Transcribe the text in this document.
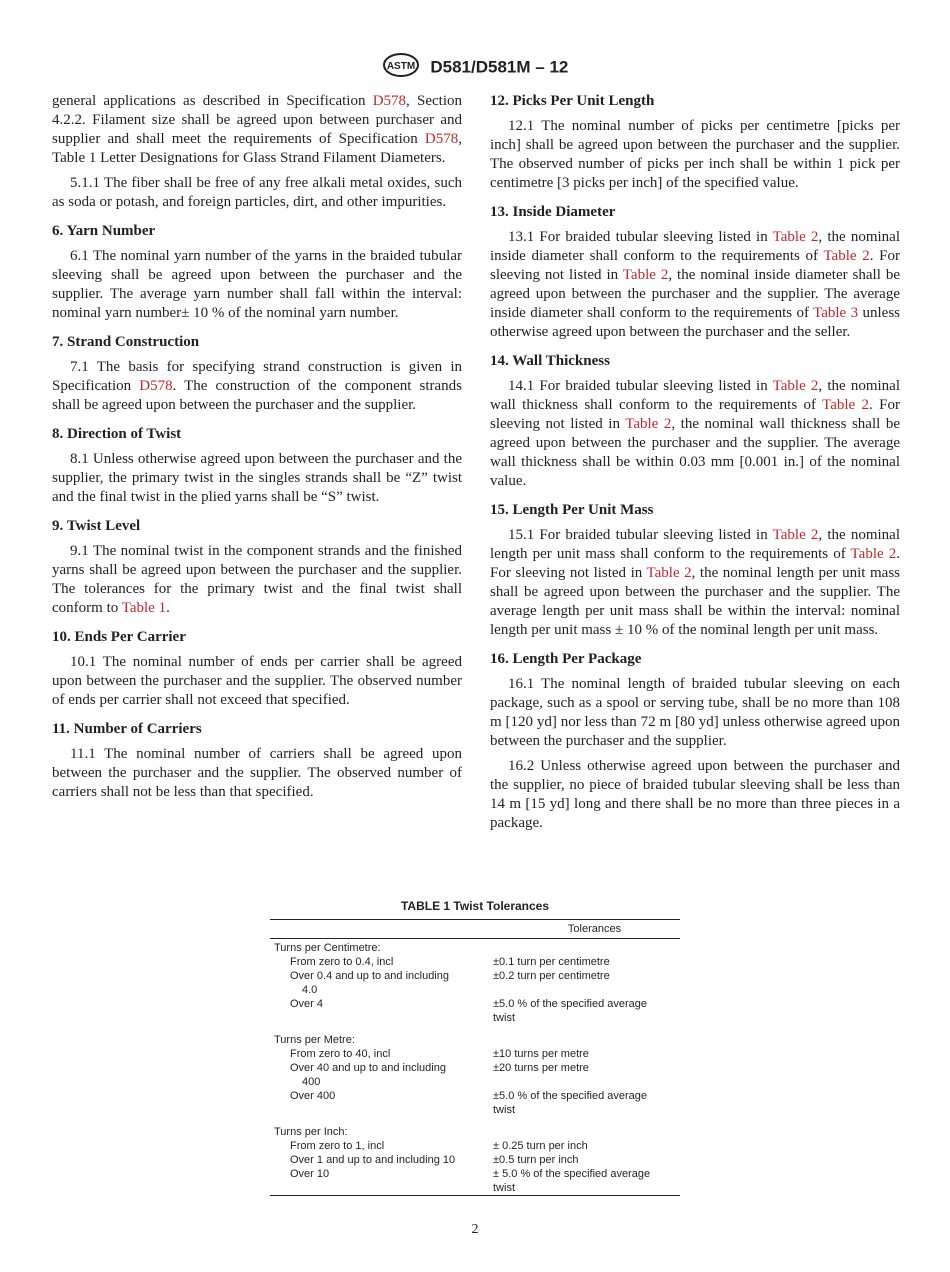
ASTM D581/D581M – 12

general applications as described in Specification D578, Section 4.2.2. Filament size shall be agreed upon between purchaser and supplier and shall meet the requirements of Specification D578, Table 1 Letter Designations for Glass Strand Filament Diameters.

5.1.1 The fiber shall be free of any free alkali metal oxides, such as soda or potash, and foreign particles, dirt, and other impurities.

6. Yarn Number

6.1 The nominal yarn number of the yarns in the braided tubular sleeving shall be agreed upon between the purchaser and the supplier. The average yarn number shall fall within the interval: nominal yarn number± 10 % of the nominal yarn number.

7. Strand Construction

7.1 The basis for specifying strand construction is given in Specification D578. The construction of the component strands shall be agreed upon between the purchaser and the supplier.

8. Direction of Twist

8.1 Unless otherwise agreed upon between the purchaser and the supplier, the primary twist in the singles strands shall be “Z” twist and the final twist in the plied yarns shall be “S” twist.

9. Twist Level

9.1 The nominal twist in the component strands and the finished yarns shall be agreed upon between the purchaser and the supplier. The tolerances for the primary twist and the final twist shall conform to Table 1.

10. Ends Per Carrier

10.1 The nominal number of ends per carrier shall be agreed upon between the purchaser and the supplier. The observed number of ends per carrier shall not exceed that specified.

11. Number of Carriers

11.1 The nominal number of carriers shall be agreed upon between the purchaser and the supplier. The observed number of carriers shall not be less than that specified.

12. Picks Per Unit Length

12.1 The nominal number of picks per centimetre [picks per inch] shall be agreed upon between the purchaser and the supplier. The observed number of picks per inch shall be within 1 pick per centimetre [3 picks per inch] of the specified value.

13. Inside Diameter

13.1 For braided tubular sleeving listed in Table 2, the nominal inside diameter shall conform to the requirements of Table 2. For sleeving not listed in Table 2, the nominal inside diameter shall be agreed upon between the purchaser and the supplier. The average inside diameter shall conform to the requirements of Table 3 unless otherwise agreed upon between the purchaser and the seller.

14. Wall Thickness

14.1 For braided tubular sleeving listed in Table 2, the nominal wall thickness shall conform to the requirements of Table 2. For sleeving not listed in Table 2, the nominal wall thickness shall be agreed upon between the purchaser and the supplier. The average wall thickness shall be within 0.03 mm [0.001 in.] of the nominal value.

15. Length Per Unit Mass

15.1 For braided tubular sleeving listed in Table 2, the nominal length per unit mass shall conform to the requirements of Table 2. For sleeving not listed in Table 2, the nominal length per unit mass shall be agreed upon between the purchaser and the supplier. The average length per unit mass shall be within the interval: nominal length per unit mass ± 10 % of the nominal length per unit mass.

16. Length Per Package

16.1 The nominal length of braided tubular sleeving on each package, such as a spool or serving tube, shall be no more than 108 m [120 yd] nor less than 72 m [80 yd] unless otherwise agreed upon between the purchaser and the supplier.

16.2 Unless otherwise agreed upon between the purchaser and the supplier, no piece of braided tubular sleeving shall be less than 14 m [15 yd] long and there shall be no more than three pieces in a package.

TABLE 1 Twist Tolerances
	Tolerances
Turns per Centimetre:	

From zero to 0.4, incl	±0.1 turn per centimetre

Over 0.4 and up to and including
4.0	±0.2 turn per centimetre

Over 4	±5.0 % of the specified average
twist

Turns per Metre:	

From zero to 40, incl	±10 turns per metre

Over 40 and up to and including
400	±20 turns per metre

Over 400	±5.0 % of the specified average
twist

Turns per Inch:	

From zero to 1, incl	± 0.25 turn per inch

Over 1 and up to and including 10	±0.5 turn per inch

Over 10	± 5.0 % of the specified average
twist
2
